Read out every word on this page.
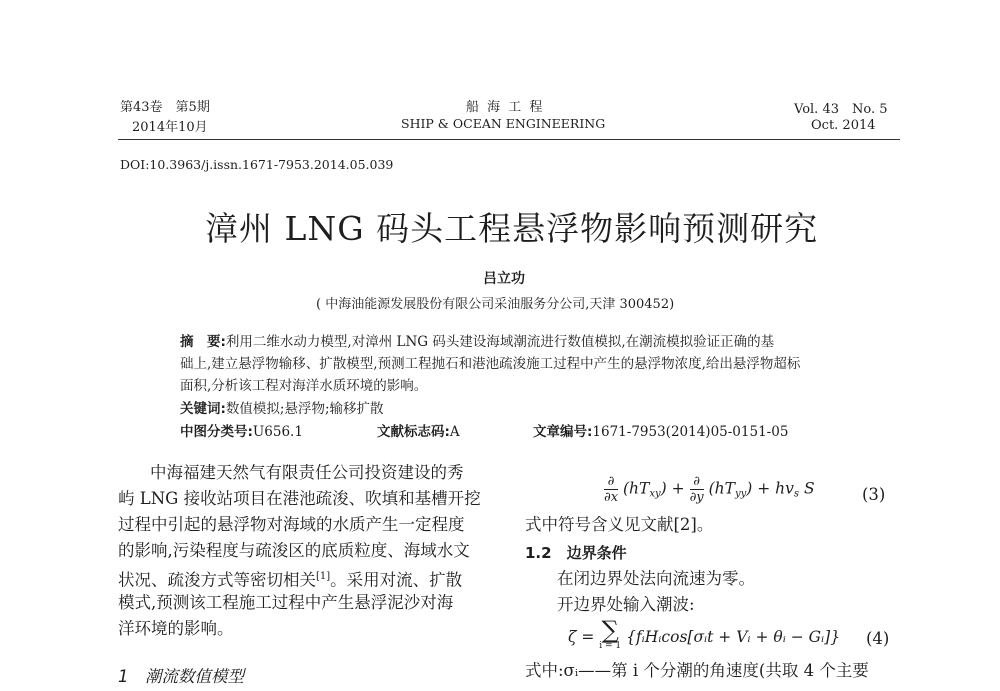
第43卷　第5期
2014年10月
船 海 工 程
SHIP & OCEAN ENGINEERING
Vol. 43　No. 5
Oct. 2014
DOI:10.3963/j.issn.1671-7953.2014.05.039
漳州 LNG 码头工程悬浮物影响预测研究
吕立功
( 中海油能源发展股份有限公司采油服务分公司,天津 300452)
摘　要:利用二维水动力模型,对漳州 LNG 码头建设海域潮流进行数值模拟,在潮流模拟验证正确的基
础上,建立悬浮物输移、扩散模型,预测工程抛石和港池疏浚施工过程中产生的悬浮物浓度,给出悬浮物超标
面积,分析该工程对海洋水质环境的影响。
关键词:数值模拟;悬浮物;输移扩散
中图分类号:U656.1	文献标志码:A	文章编号:1671-7953(2014)05-0151-05
中海福建天然气有限责任公司投资建设的秀
屿 LNG 接收站项目在港池疏浚、吹填和基槽开挖
过程中引起的悬浮物对海域的水质产生一定程度
的影响,污染程度与疏浚区的底质粒度、海域水文
状况、疏浚方式等密切相关[1]。采用对流、扩散
模式,预测该工程施工过程中产生悬浮泥沙对海
洋环境的影响。
1　潮流数值模型
$\frac{\partial}{\partial x} (hT_{xy}) + \frac{\partial}{\partial y} (hT_{yy}) + hv_s$ S	(3)
式中符号含义见文献[2]。
1.2　边界条件
在闭边界处法向流速为零。
开边界处输入潮波:
ζ = ∑
i = 1 {fᵢHᵢcos[σᵢt + Vᵢ + θᵢ − Gᵢ]} (4)
式中:σᵢ——第 i 个分潮的角速度(共取 4 个主要
